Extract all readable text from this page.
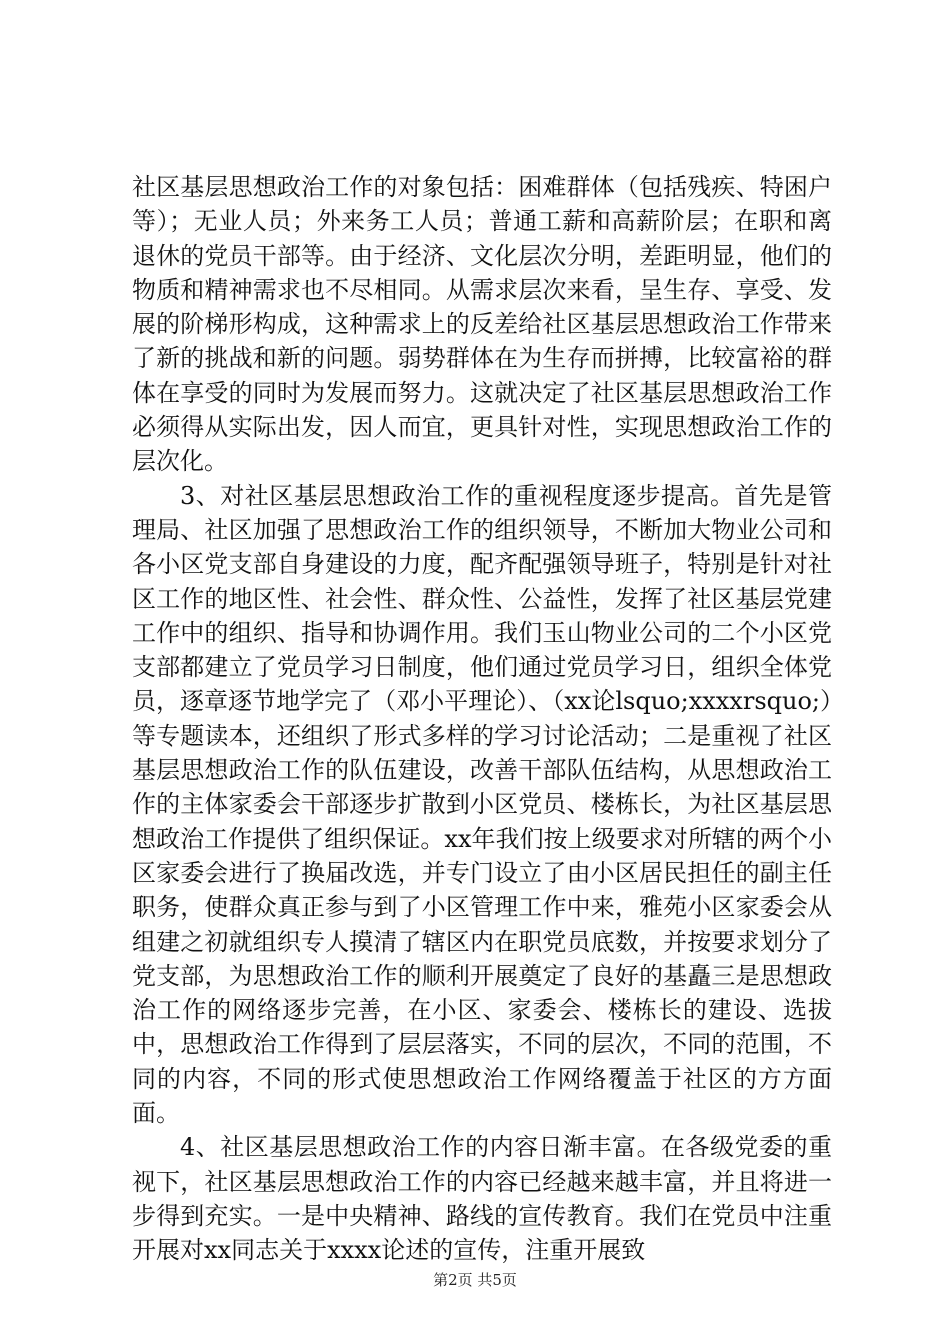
社区基层思想政治工作的对象包括：困难群体（包括残疾、特困户等）；无业人员；外来务工人员；普通工薪和高薪阶层；在职和离退休的党员干部等。由于经济、文化层次分明，差距明显，他们的物质和精神需求也不尽相同。从需求层次来看，呈生存、享受、发展的阶梯形构成，这种需求上的反差给社区基层思想政治工作带来了新的挑战和新的问题。弱势群体在为生存而拼搏，比较富裕的群体在享受的同时为发展而努力。这就决定了社区基层思想政治工作必须得从实际出发，因人而宜，更具针对性，实现思想政治工作的层次化。

3、对社区基层思想政治工作的重视程度逐步提高。首先是管理局、社区加强了思想政治工作的组织领导，不断加大物业公司和各小区党支部自身建设的力度，配齐配强领导班子，特别是针对社区工作的地区性、社会性、群众性、公益性，发挥了社区基层党建工作中的组织、指导和协调作用。我们玉山物业公司的二个小区党支部都建立了党员学习日制度，他们通过党员学习日，组织全体党员，逐章逐节地学完了（邓小平理论）、（xx论lsquo;xxxxrsquo;）等专题读本，还组织了形式多样的学习讨论活动；二是重视了社区基层思想政治工作的队伍建设，改善干部队伍结构，从思想政治工作的主体家委会干部逐步扩散到小区党员、楼栋长，为社区基层思想政治工作提供了组织保证。xx年我们按上级要求对所辖的两个小区家委会进行了换届改选，并专门设立了由小区居民担任的副主任职务，使群众真正参与到了小区管理工作中来，雅苑小区家委会从组建之初就组织专人摸清了辖区内在职党员底数，并按要求划分了党支部，为思想政治工作的顺利开展奠定了良好的基矗三是思想政治工作的网络逐步完善，在小区、家委会、楼栋长的建设、选拔中，思想政治工作得到了层层落实，不同的层次，不同的范围，不同的内容，不同的形式使思想政治工作网络覆盖于社区的方方面面。

4、社区基层思想政治工作的内容日渐丰富。在各级党委的重视下，社区基层思想政治工作的内容已经越来越丰富，并且将进一步得到充实。一是中央精神、路线的宣传教育。我们在党员中注重开展对xx同志关于xxxx论述的宣传，注重开展致

第2页 共5页
